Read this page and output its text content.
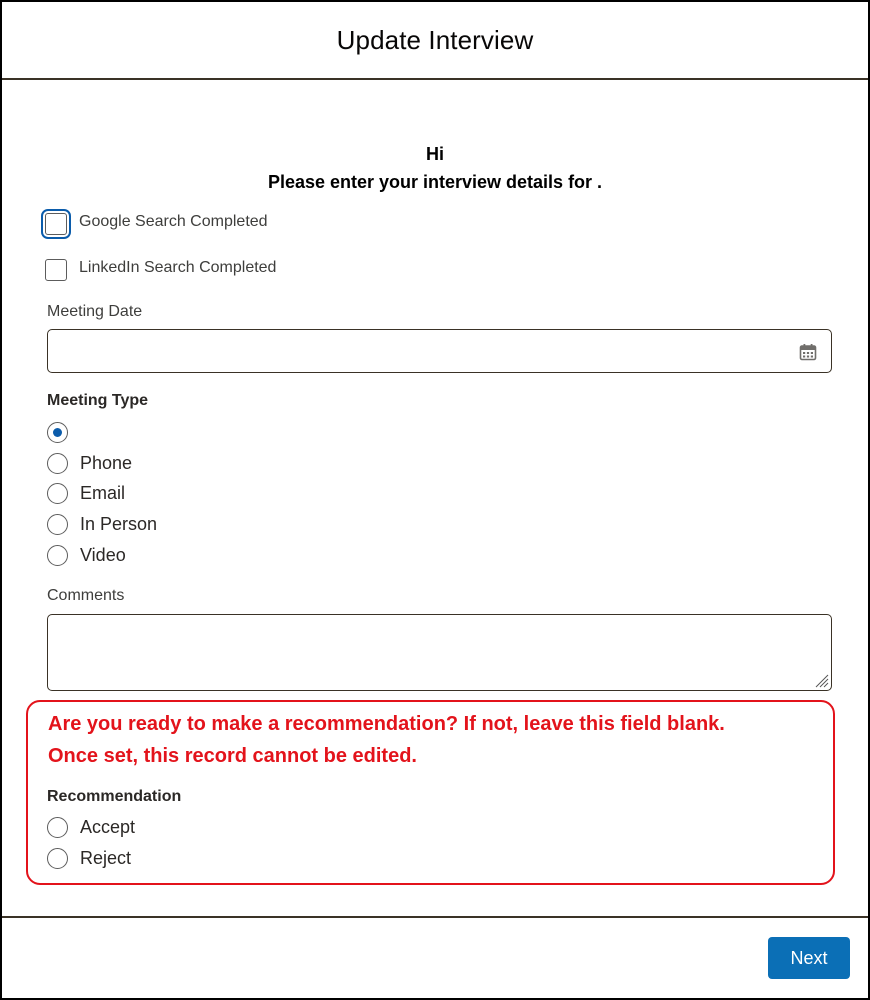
Update Interview
Hi
Please enter your interview details for .
Google Search Completed
LinkedIn Search Completed
Meeting Date
Meeting Type
Phone
Email
In Person
Video
Comments
Are you ready to make a recommendation? If not, leave this field blank.
Once set, this record cannot be edited.
Recommendation
Accept
Reject
Next
